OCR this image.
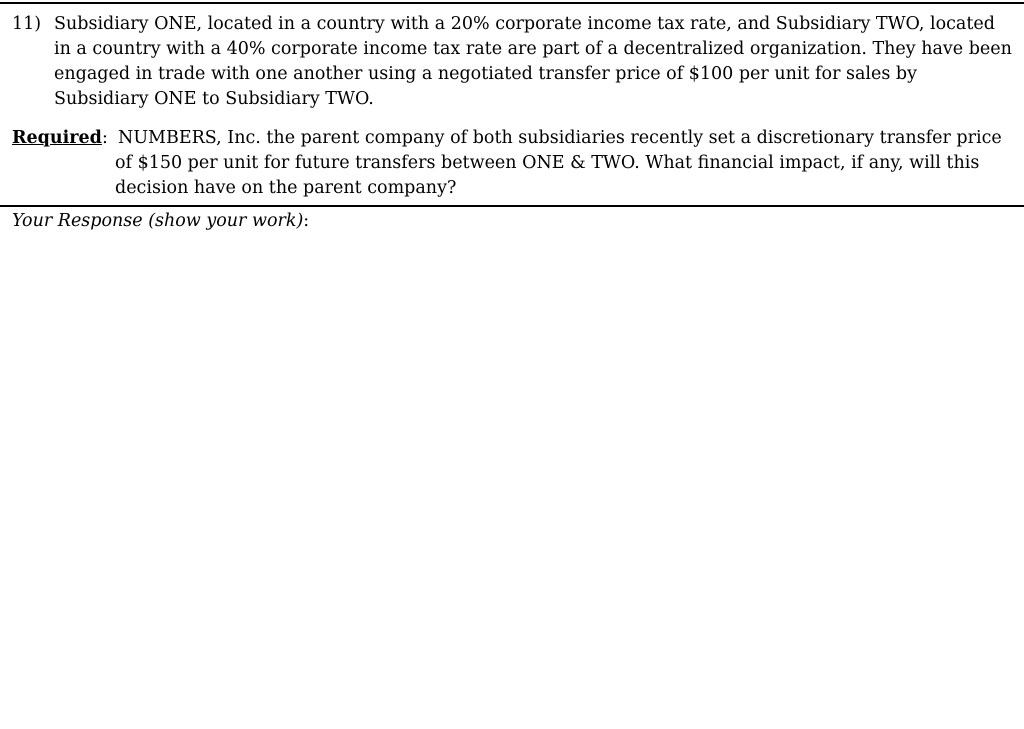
11) Subsidiary ONE, located in a country with a 20% corporate income tax rate, and Subsidiary TWO, located in a country with a 40% corporate income tax rate are part of a decentralized organization. They have been engaged in trade with one another using a negotiated transfer price of $100 per unit for sales by Subsidiary ONE to Subsidiary TWO.
Required : NUMBERS, Inc. the parent company of both subsidiaries recently set a discretionary transfer price of $150 per unit for future transfers between ONE & TWO. What financial impact, if any, will this decision have on the parent company?
Your Response (show your work):
